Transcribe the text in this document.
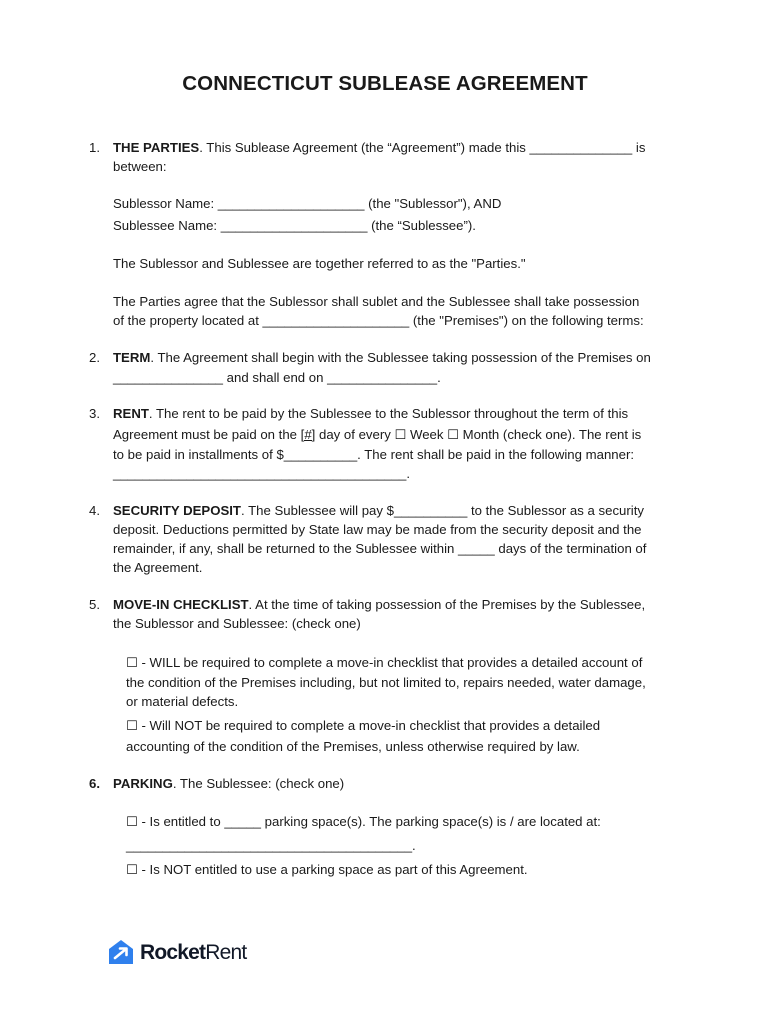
CONNECTICUT SUBLEASE AGREEMENT
1. THE PARTIES. This Sublease Agreement (the “Agreement”) made this ______________ is
between:
Sublessor Name: ____________________ (the "Sublessor"), AND
Sublessee Name: ____________________ (the “Sublessee”).
The Sublessor and Sublessee are together referred to as the "Parties."
The Parties agree that the Sublessor shall sublet and the Sublessee shall take possession
of the property located at ____________________ (the "Premises") on the following terms:
2. TERM. The Agreement shall begin with the Sublessee taking possession of the Premises on
_______________ and shall end on _______________.
3. RENT. The rent to be paid by the Sublessee to the Sublessor throughout the term of this
Agreement must be paid on the [#] day of every ☐ Week ☐ Month (check one). The rent is
to be paid in installments of $__________. The rent shall be paid in the following manner:
________________________________________.
4. SECURITY DEPOSIT. The Sublessee will pay $__________ to the Sublessor as a security
deposit. Deductions permitted by State law may be made from the security deposit and the
remainder, if any, shall be returned to the Sublessee within _____ days of the termination of
the Agreement.
5. MOVE-IN CHECKLIST. At the time of taking possession of the Premises by the Sublessee,
the Sublessor and Sublessee: (check one)
☐ - WILL be required to complete a move-in checklist that provides a detailed account of
the condition of the Premises including, but not limited to, repairs needed, water damage,
or material defects.
☐ - Will NOT be required to complete a move-in checklist that provides a detailed
accounting of the condition of the Premises, unless otherwise required by law.
6. PARKING. The Sublessee: (check one)
☐ - Is entitled to _____ parking space(s). The parking space(s) is / are located at:
_______________________________________.
☐ - Is NOT entitled to use a parking space as part of this Agreement.
RocketRent
